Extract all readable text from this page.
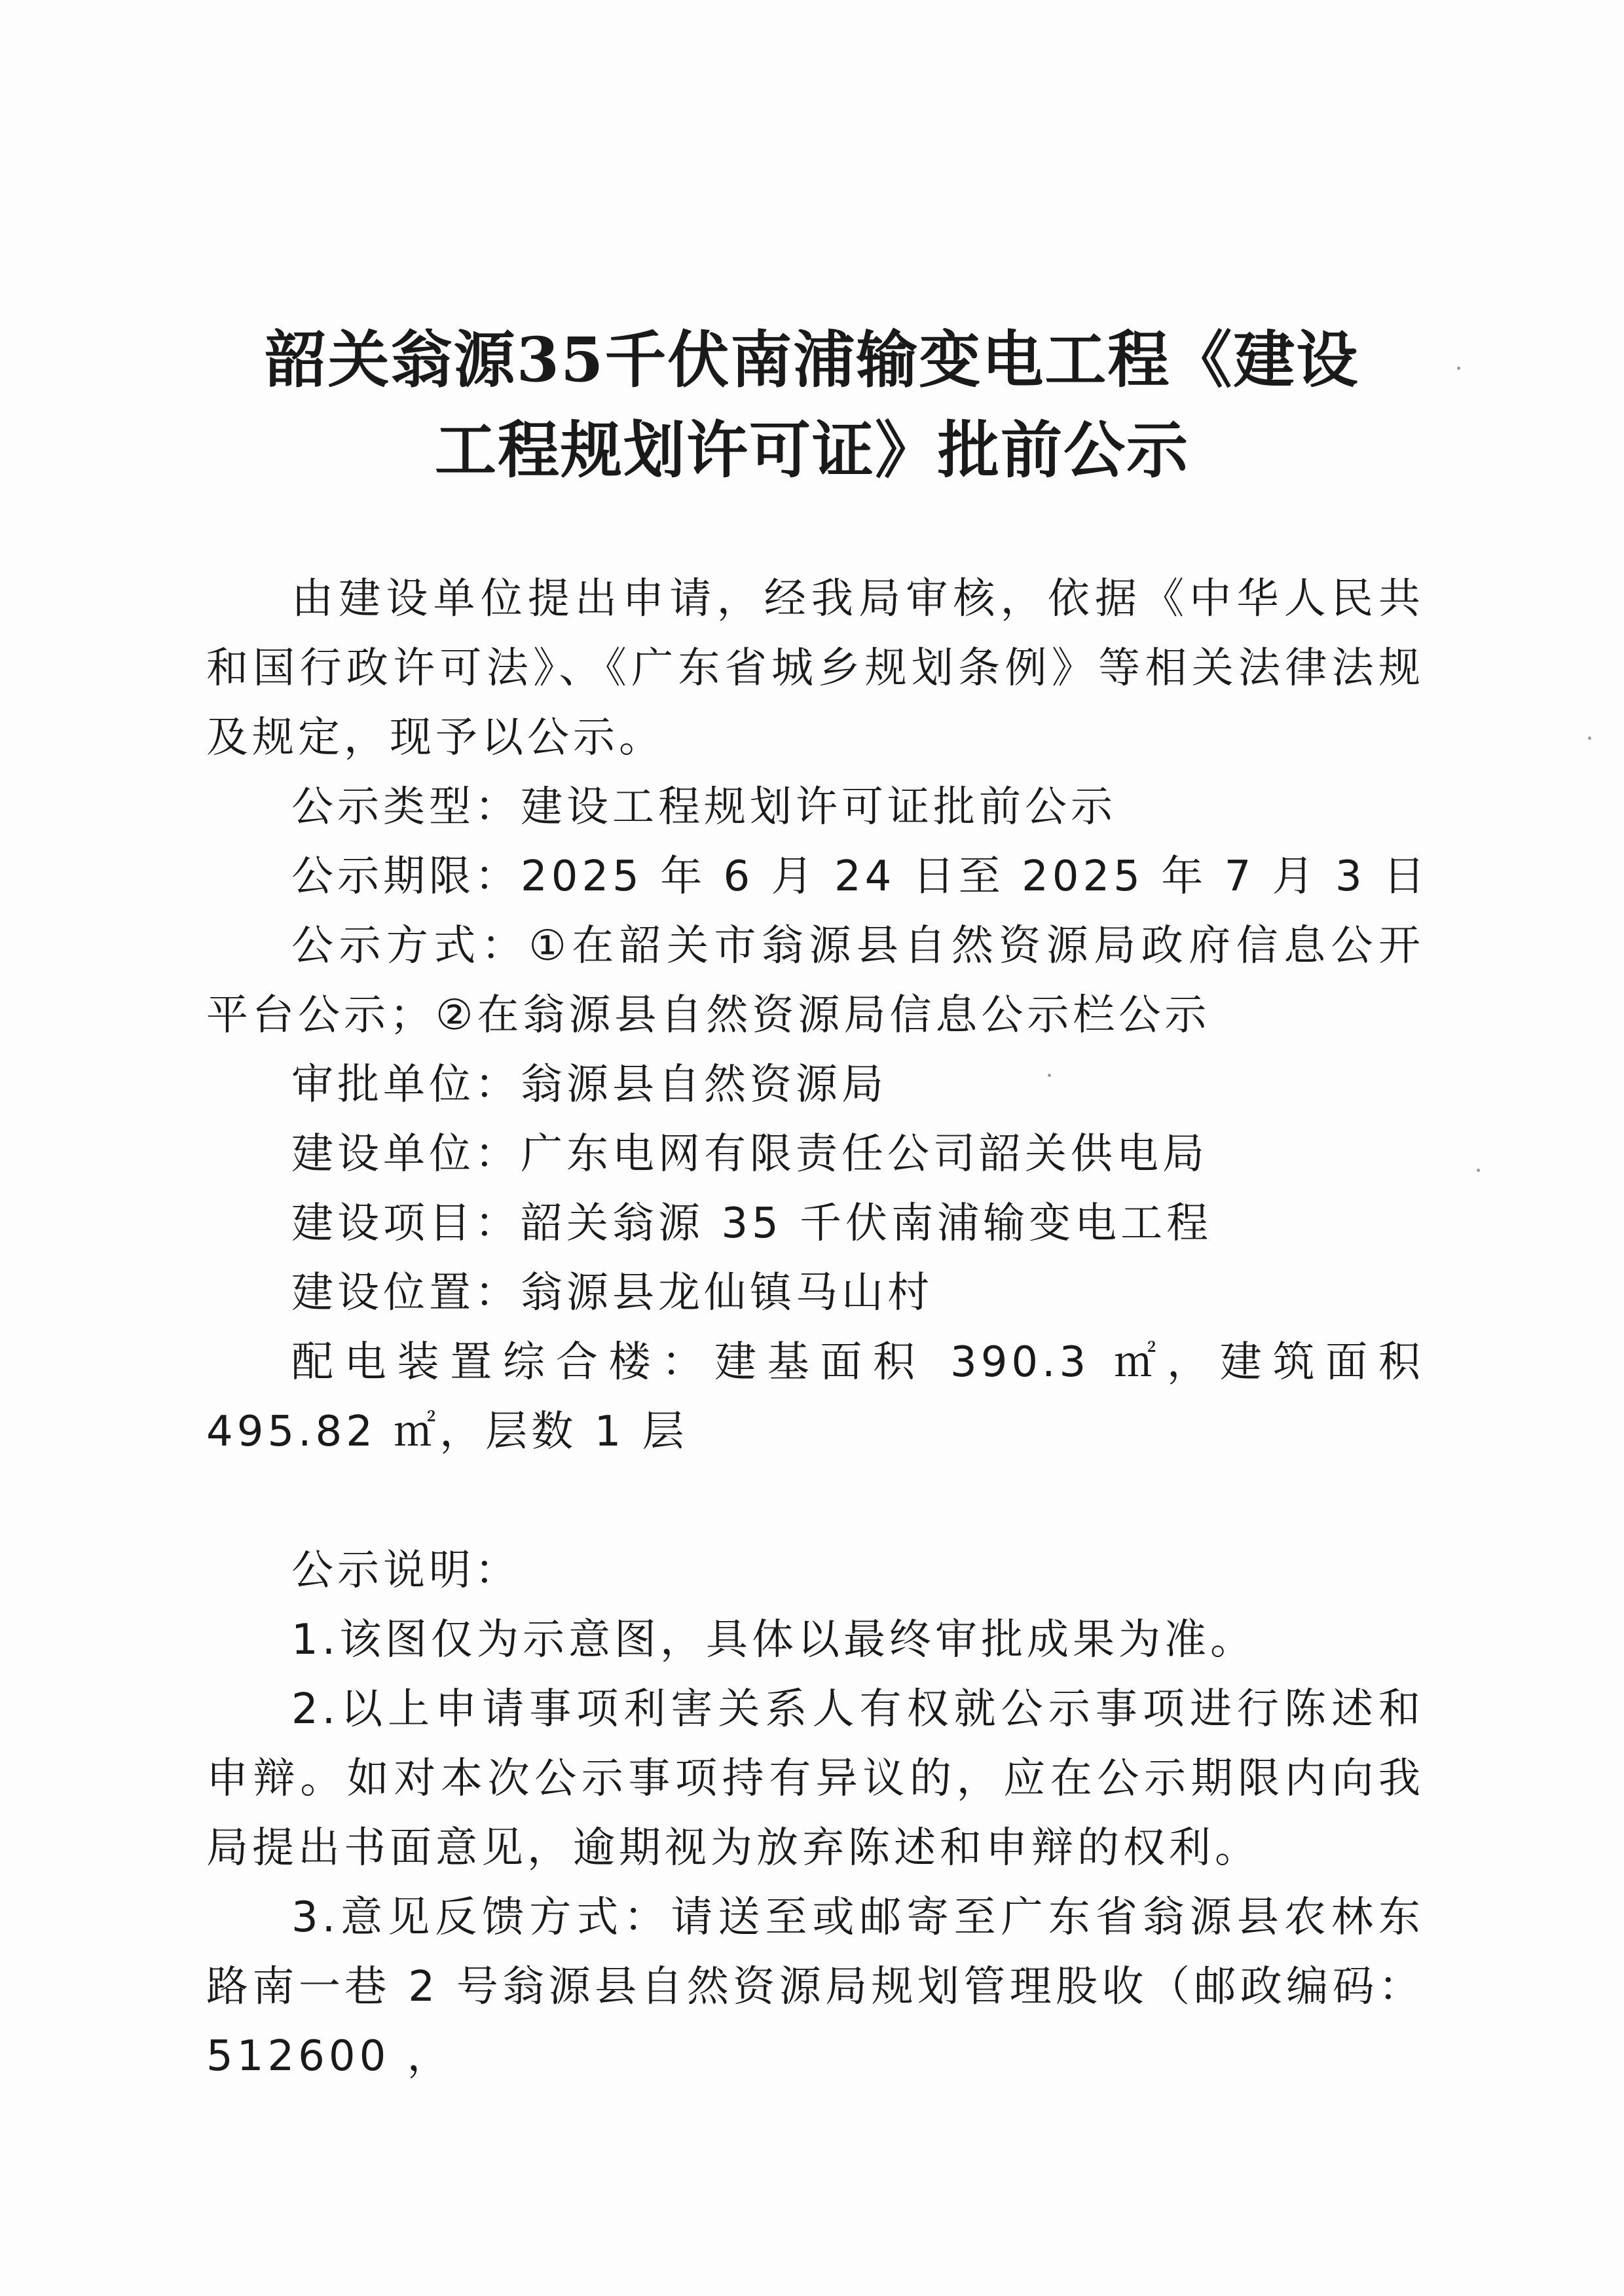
韶关翁源35千伏南浦输变电工程《建设
工程规划许可证》批前公示

由建设单位提出申请，经我局审核，依据《中华人民共和国行政许可法》、《广东省城乡规划条例》等相关法律法规及规定，现予以公示。

公示类型：建设工程规划许可证批前公示
公示期限：2025 年 6 月 24 日至 2025 年 7 月 3 日

公示方式：①在韶关市翁源县自然资源局政府信息公开平台公示；②在翁源县自然资源局信息公示栏公示

审批单位：翁源县自然资源局
建设单位：广东电网有限责任公司韶关供电局
建设项目：韶关翁源 35 千伏南浦输变电工程
建设位置：翁源县龙仙镇马山村

配电装置综合楼：建基面积 390.3 ㎡，建筑面积 495.82 ㎡，层数 1 层

公示说明：

1.该图仅为示意图，具体以最终审批成果为准。

2.以上申请事项利害关系人有权就公示事项进行陈述和申辩。如对本次公示事项持有异议的，应在公示期限内向我局提出书面意见，逾期视为放弃陈述和申辩的权利。

3.意见反馈方式：请送至或邮寄至广东省翁源县农林东路南一巷 2 号翁源县自然资源局规划管理股收（邮政编码：512600 ，
